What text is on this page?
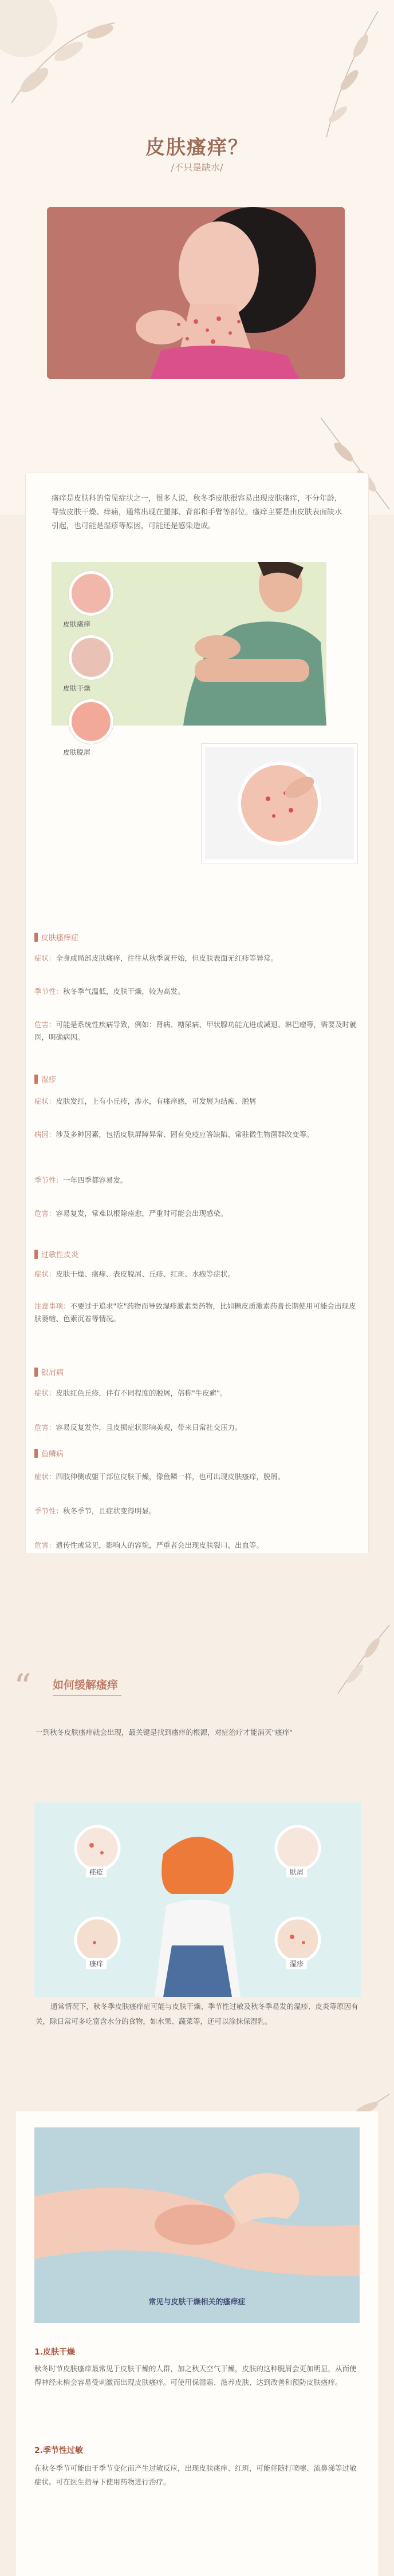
皮肤瘙痒？
/不只是缺水/
瘙痒是皮肤科的常见症状之一，很多人说，秋冬季皮肤很容易出现皮肤瘙痒，不分年龄，导致皮肤干燥、痒痛，通常出现在腿部、背部和手臂等部位。瘙痒主要是由皮肤表面缺水引起，也可能是湿疹等原因，可能还是感染造成。
皮肤瘙痒
皮肤干燥
皮肤脱屑
皮肤瘙痒症
症状：全身或局部皮肤瘙痒，往往从秋季就开始，但皮肤表面无红疹等异常。
季节性：秋冬季气温低，皮肤干燥，较为高发。
危害：可能是系统性疾病导致，例如：肾病、糖尿病、甲状腺功能亢进或减退、淋巴瘤等，需要及时就医，明确病因。
湿疹
症状：皮肤发红，上有小丘疹，渗水，有瘙痒感，可发展为结痂、脱屑
病因：涉及多种因素，包括皮肤屏障异常、固有免疫应答缺陷、常驻微生物菌群改变等。
季节性：一年四季都容易发。
危害：容易复发，常难以根除痊愈，严重时可能会出现感染。
过敏性皮炎
症状：皮肤干燥、瘙痒、表皮脱屑、丘疹、红斑、水疱等症状。
注意事项：不要过于追求"吃"药物而导致湿疹激素类药物，比如糖皮质激素药膏长期使用可能会出现皮肤萎缩、色素沉着等情况。
银屑病
症状：皮肤红色丘疹，伴有不同程度的脱屑，俗称"牛皮癣"。
危害：容易反复发作，且皮损症状影响美观，带来日常社交压力。
鱼鳞病
症状：四肢伸侧或躯干部位皮肤干燥，像鱼鳞一样，也可出现皮肤瘙痒，脱屑。
季节性：秋冬季节，且症状变得明显。
危害：遗传性或常见，影响人的容貌，严重者会出现皮肤裂口、出血等。
“ 如何缓解瘙痒
一到秋冬皮肤瘙痒就会出现，最关键是找到瘙痒的根源，对症治疗才能消灭"瘙痒"
痤疮	肤屑
瘙痒	湿疹
通常情况下，秋冬季皮肤瘙痒症可能与皮肤干燥、季节性过敏及秋冬季易发的湿疹、皮炎等原因有关，除日常可多吃富含水分的食物，如水果、蔬菜等，还可以涂抹保湿乳。
常见与皮肤干燥相关的瘙痒症
1.皮肤干燥
秋冬时节皮肤瘙痒最常见于皮肤干燥的人群，加之秋天空气干燥，皮肤的这种脱屑会更加明显，从而使得神经末梢会容易受刺激而出现皮肤瘙痒。可使用保湿霜、滋养皮肤、达到改善和预防皮肤瘙痒。
2.季节性过敏
在秋冬季节可能由于季节变化而产生过敏反应，出现皮肤瘙痒、红斑，可能伴随打喷嚏、流鼻涕等过敏症状。可在医生指导下使用药物进行治疗。
